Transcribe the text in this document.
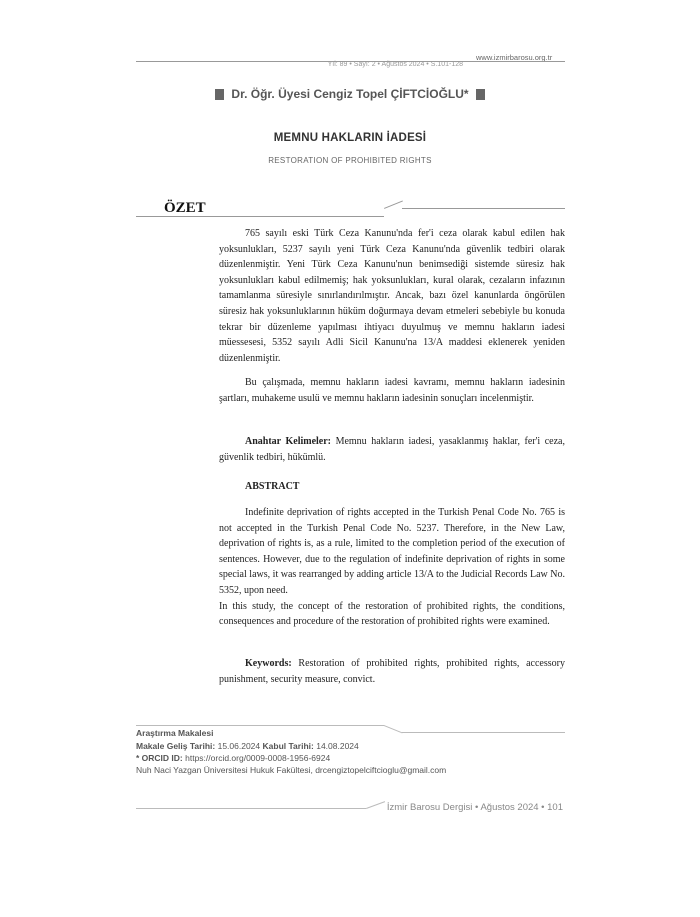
www.izmirbarosu.org.tr
Yıl: 89 • Sayı: 2 • Ağustos 2024 • S.101-128
Dr. Öğr. Üyesi Cengiz Topel ÇİFTCİOĞLU*
MEMNU HAKLARIN İADESİ
RESTORATION OF PROHIBITED RIGHTS
ÖZET

765 sayılı eski Türk Ceza Kanunu'nda fer'i ceza olarak kabul edilen hak yoksunlukları, 5237 sayılı yeni Türk Ceza Kanunu'nda güvenlik tedbiri olarak düzenlenmiştir. Yeni Türk Ceza Kanunu'nun benimsediği sistemde süresiz hak yoksunlukları kabul edilmemiş; hak yoksunlukları, kural olarak, cezaların infazının tamamlanma süresiyle sınırlandırılmıştır. Ancak, bazı özel kanunlarda öngörülen süresiz hak yoksunluklarının hüküm doğurmaya devam etmeleri sebebiyle bu konuda tekrar bir düzenleme yapılması ihtiyacı duyulmuş ve memnu hakların iadesi müessesesi, 5352 sayılı Adli Sicil Kanunu'na 13/A maddesi eklenerek yeniden düzenlenmiştir.

Bu çalışmada, memnu hakların iadesi kavramı, memnu hakların iadesinin şartları, muhakeme usulü ve memnu hakların iadesinin sonuçları incelenmiştir.

Anahtar Kelimeler: Memnu hakların iadesi, yasaklanmış haklar, fer'i ceza, güvenlik tedbiri, hükümlü.

ABSTRACT

Indefinite deprivation of rights accepted in the Turkish Penal Code No. 765 is not accepted in the Turkish Penal Code No. 5237. Therefore, in the New Law, deprivation of rights is, as a rule, limited to the completion period of the execution of sentences. However, due to the regulation of indefinite deprivation of rights in some special laws, it was rearranged by adding article 13/A to the Judicial Records Law No. 5352, upon need.

In this study, the concept of the restoration of prohibited rights, the conditions, consequences and procedure of the restoration of prohibited rights were examined.

Keywords: Restoration of prohibited rights, prohibited rights, accessory punishment, security measure, convict.

Araştırma Makalesi
Makale Geliş Tarihi: 15.06.2024 Kabul Tarihi: 14.08.2024
* ORCID ID: https://orcid.org/0009-0008-1956-6924
Nuh Naci Yazgan Üniversitesi Hukuk Fakültesi, drcengiztopelciftcioglu@gmail.com
İzmir Barosu Dergisi • Ağustos 2024 • 101
